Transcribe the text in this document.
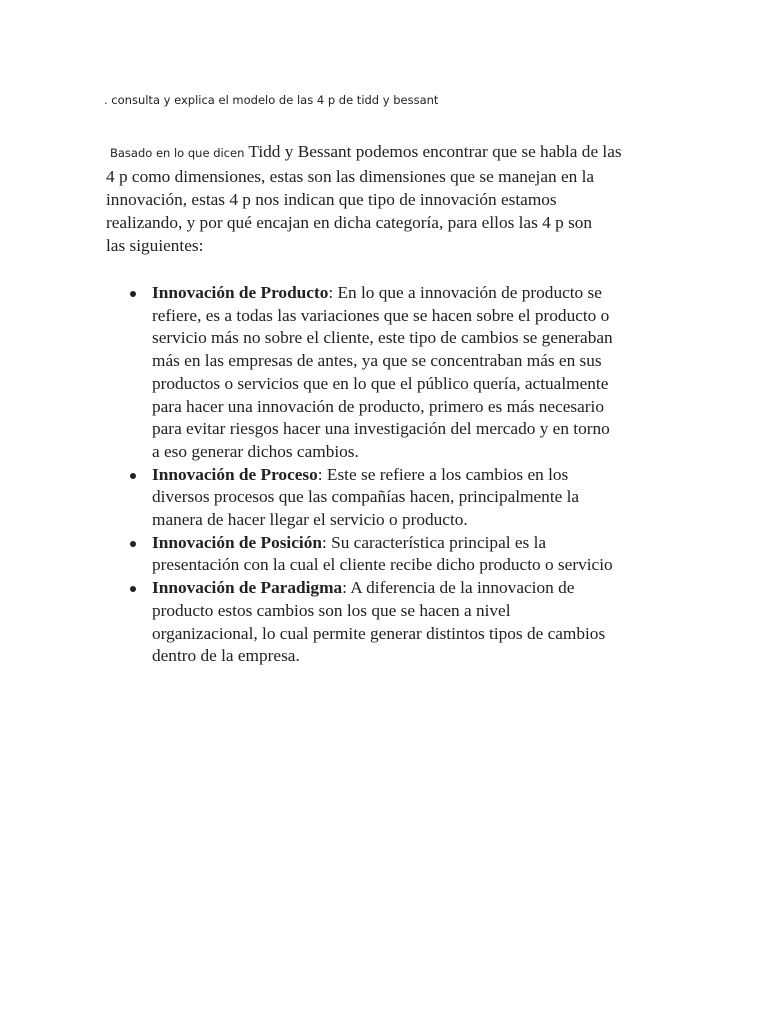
. consulta y explica el modelo de las 4 p de tidd y bessant
Basado en lo que dicen Tidd y Bessant podemos encontrar que se habla de las
4 p como dimensiones, estas son las dimensiones que se manejan en la
innovación, estas 4 p nos indican que tipo de innovación estamos
realizando, y por qué encajan en dicha categoría, para ellos las 4 p son
las siguientes:
Innovación de Producto: En lo que a innovación de producto se
refiere, es a todas las variaciones que se hacen sobre el producto o
servicio más no sobre el cliente, este tipo de cambios se generaban
más en las empresas de antes, ya que se concentraban más en sus
productos o servicios que en lo que el público quería, actualmente
para hacer una innovación de producto, primero es más necesario
para evitar riesgos hacer una investigación del mercado y en torno
a eso generar dichos cambios.
Innovación de Proceso: Este se refiere a los cambios en los
diversos procesos que las compañías hacen, principalmente la
manera de hacer llegar el servicio o producto.
Innovación de Posición: Su característica principal es la
presentación con la cual el cliente recibe dicho producto o servicio
Innovación de Paradigma: A diferencia de la innovacion de
producto estos cambios son los que se hacen a nivel
organizacional, lo cual permite generar distintos tipos de cambios
dentro de la empresa.
